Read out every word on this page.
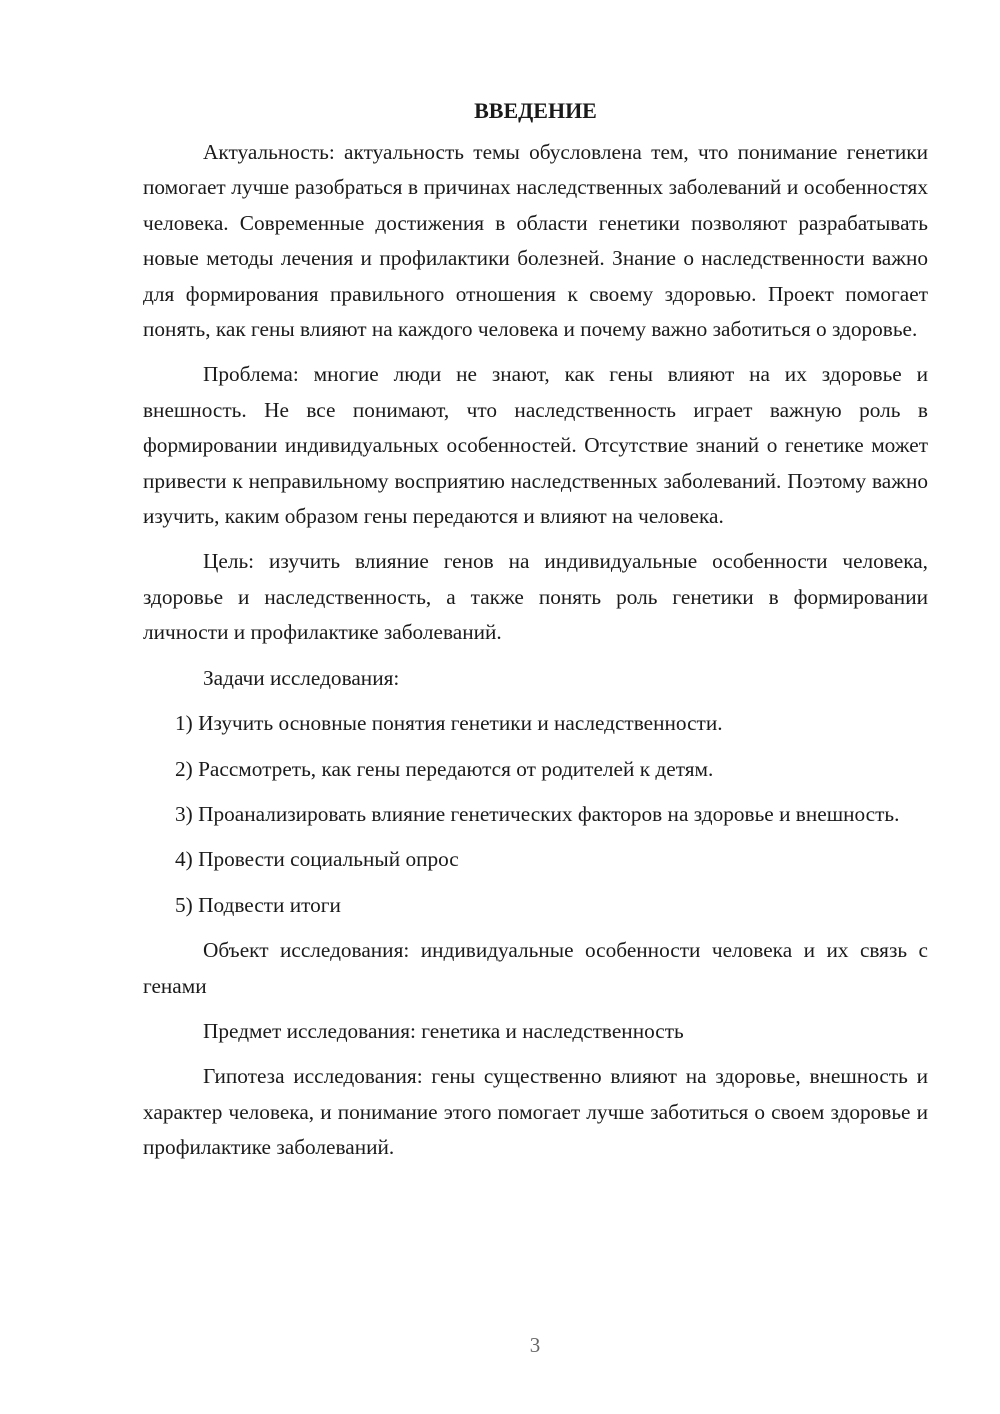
ВВЕДЕНИЕ

Актуальность: актуальность темы обусловлена тем, что понимание генетики помогает лучше разобраться в причинах наследственных заболеваний и особенностях человека. Современные достижения в области генетики позволяют разрабатывать новые методы лечения и профилактики болезней. Знание о наследственности важно для формирования правильного отношения к своему здоровью. Проект помогает понять, как гены влияют на каждого человека и почему важно заботиться о здоровье.

Проблема: многие люди не знают, как гены влияют на их здоровье и внешность. Не все понимают, что наследственность играет важную роль в формировании индивидуальных особенностей. Отсутствие знаний о генетике может привести к неправильному восприятию наследственных заболеваний. Поэтому важно изучить, каким образом гены передаются и влияют на человека.

Цель: изучить влияние генов на индивидуальные особенности человека, здоровье и наследственность, а также понять роль генетики в формировании личности и профилактике заболеваний.

Задачи исследования:

1) Изучить основные понятия генетики и наследственности.

2) Рассмотреть, как гены передаются от родителей к детям.

3) Проанализировать влияние генетических факторов на здоровье и внешность.

4) Провести социальный опрос

5) Подвести итоги

Объект исследования: индивидуальные особенности человека и их связь с генами

Предмет исследования: генетика и наследственность

Гипотеза исследования: гены существенно влияют на здоровье, внешность и характер человека, и понимание этого помогает лучше заботиться о своем здоровье и профилактике заболеваний.

3
